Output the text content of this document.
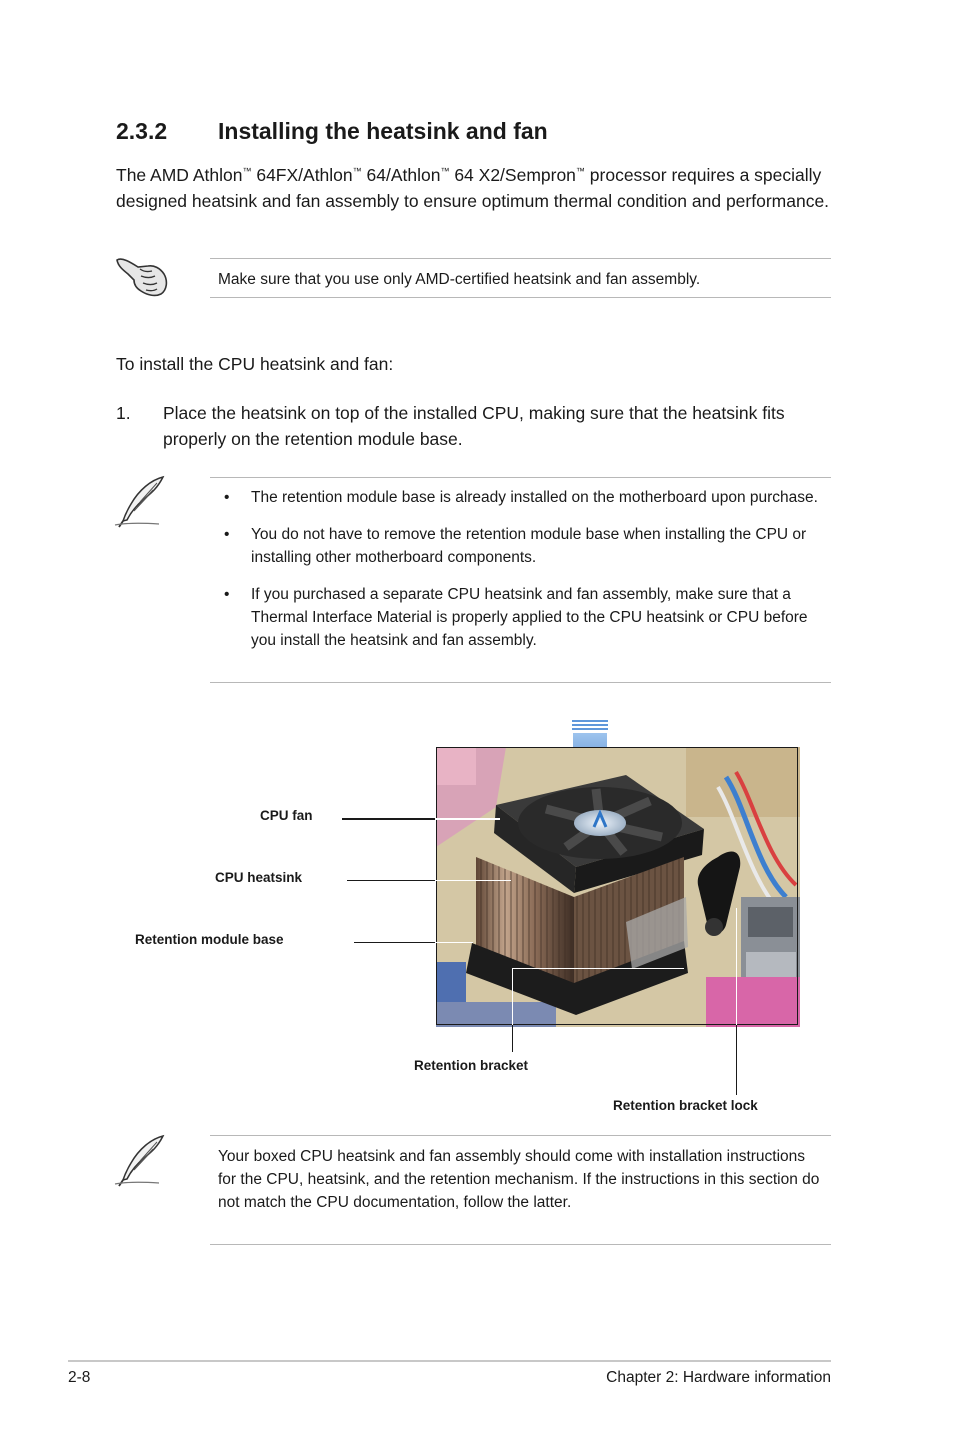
2.3.2 Installing the heatsink and fan
The AMD Athlon™ 64FX/Athlon™ 64/Athlon™ 64 X2/Sempron™ processor requires a specially designed heatsink and fan assembly to ensure optimum thermal condition and performance.
Make sure that you use only AMD-certified heatsink and fan assembly.
To install the CPU heatsink and fan:
1. Place the heatsink on top of the installed CPU, making sure that the heatsink fits properly on the retention module base.
• The retention module base is already installed on the motherboard upon purchase.
• You do not have to remove the retention module base when installing the CPU or installing other motherboard components.
• If you purchased a separate CPU heatsink and fan assembly, make sure that a Thermal Interface Material is properly applied to the CPU heatsink or CPU before you install the heatsink and fan assembly.
CPU fan
CPU heatsink
Retention module base
Retention bracket
Retention bracket lock
Your boxed CPU heatsink and fan assembly should come with installation instructions for the CPU, heatsink, and the retention mechanism. If the instructions in this section do not match the CPU documentation, follow the latter.
2-8	Chapter 2: Hardware information
